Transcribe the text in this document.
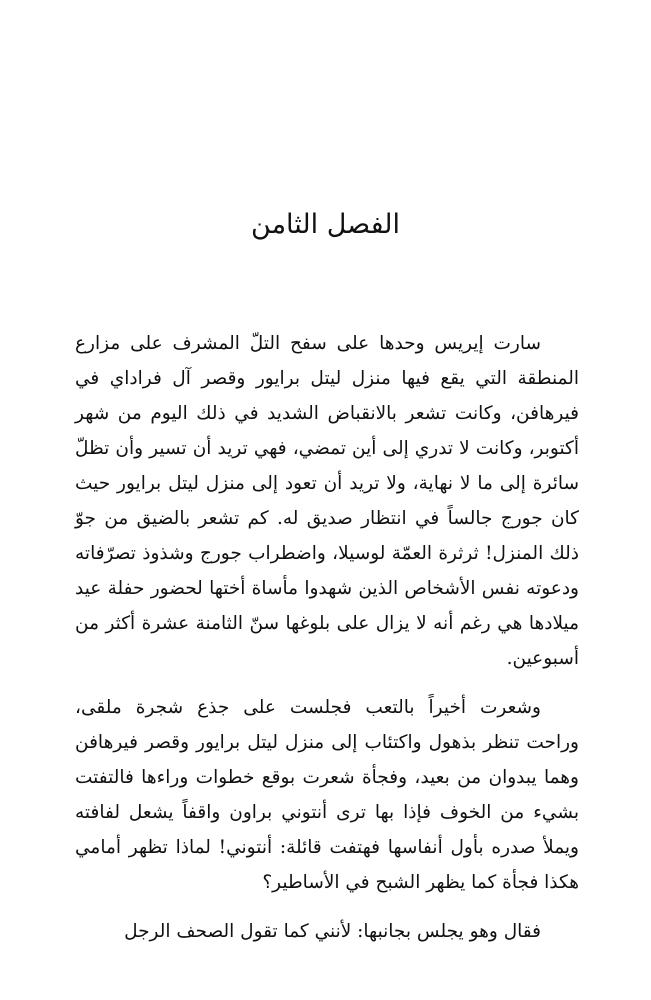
الفصل الثامن

سارت إيريس وحدها على سفح التلّ المشرف على مزارع المنطقة التي يقع فيها منزل ليتل برايور وقصر آل فراداي في فيرهافن، وكانت تشعر بالانقباض الشديد في ذلك اليوم من شهر أكتوبر، وكانت لا تدري إلى أين تمضي، فهي تريد أن تسير وأن تظلّ سائرة إلى ما لا نهاية، ولا تريد أن تعود إلى منزل ليتل برايور حيث كان جورج جالساً في انتظار صديق له. كم تشعر بالضيق من جوّ ذلك المنزل! ثرثرة العمّة لوسيلا، واضطراب جورج وشذوذ تصرّفاته ودعوته نفس الأشخاص الذين شهدوا مأساة أختها لحضور حفلة عيد ميلادها هي رغم أنه لا يزال على بلوغها سنّ الثامنة عشرة أكثر من أسبوعين.

وشعرت أخيراً بالتعب فجلست على جذع شجرة ملقى، وراحت تنظر بذهول واكتئاب إلى منزل ليتل برايور وقصر فيرهافن وهما يبدوان من بعيد، وفجأة شعرت بوقع خطوات وراءها فالتفتت بشيء من الخوف فإذا بها ترى أنتوني براون واقفاً يشعل لفافته ويملأ صدره بأول أنفاسها فهتفت قائلة: أنتوني! لماذا تظهر أمامي هكذا فجأة كما يظهر الشبح في الأساطير؟

فقال وهو يجلس بجانبها: لأنني كما تقول الصحف الرجل
